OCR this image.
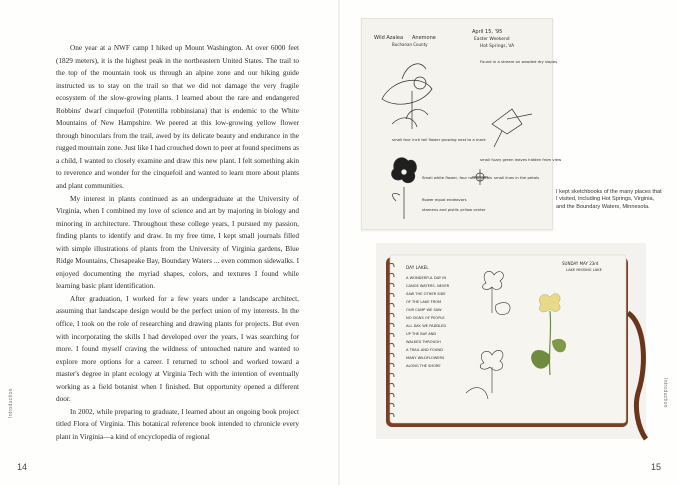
One year at a NWF camp I hiked up Mount Washington. At over 6000 feet (1829 meters), it is the highest peak in the northeastern United States. The trail to the top of the mountain took us through an alpine zone and our hiking guide instructed us to stay on the trail so that we did not damage the very fragile ecosystem of the slow-growing plants. I learned about the rare and endangered Robbins' dwarf cinquefoil (Potentilla robbinsiana) that is endemic to the White Mountains of New Hampshire. We peered at this low-growing yellow flower through binoculars from the trail, awed by its delicate beauty and endurance in the rugged mountain zone. Just like I had crouched down to peer at found specimens as a child, I wanted to closely examine and draw this new plant. I felt something akin to reverence and wonder for the cinquefoil and wanted to learn more about plants and plant communities.

My interest in plants continued as an undergraduate at the University of Virginia, when I combined my love of science and art by majoring in biology and minoring in architecture. Throughout these college years, I pursued my passion, finding plants to identify and draw. In my free time, I kept small journals filled with simple illustrations of plants from the University of Virginia gardens, Blue Ridge Mountains, Chesapeake Bay, Boundary Waters ... even common sidewalks. I enjoyed documenting the myriad shapes, colors, and textures I found while learning basic plant identification.

After graduation, I worked for a few years under a landscape architect, assuming that landscape design would be the perfect union of my interests. In the office, I took on the role of researching and drawing plants for projects. But even with incorporating the skills I had developed over the years, I was searching for more. I found myself craving the wildness of untouched nature and wanted to explore more options for a career. I returned to school and worked toward a master's degree in plant ecology at Virginia Tech with the intention of eventually working as a field botanist when I finished. But opportunity opened a different door.

In 2002, while preparing to graduate, I learned about an ongoing book project titled Flora of Virginia. This botanical reference book intended to chronicle every plant in Virginia—a kind of encyclopedia of regional

Introduction
14
Wild Azalea Anemone
Buchanan County
April 15, '95
Easter Weekend
Hot Springs, VA
Found in a stream on wooded dry slopes
small four inch tall flower growing next to a mark
small fuzzy green leaves hidden from view
Small white flower, four round petals small lines in the petals
flower equal endeavors
stamens and pistils yellow center
I kept sketchbooks of the many places that I visited, including Hot Springs, Virginia, and the Boundary Waters, Minnesota.
DAY LAKEL
SUNDAY MAY 23rd
LAKE MISSING LAKE
A WONDERFUL DAY IN
CANOE WATERS. NEVER
SAW THE OTHER SIDE
OF THE LAKE FROM
OUR CAMP WE SAW
NO SIGNS OF PEOPLE
ALL DAY. WE PADDLED
UP THE BAY AND
WALKED THROUGH
A TRAIL AND FOUND
MANY WILDFLOWERS
ALONG THE SHORE
Introduction
15
